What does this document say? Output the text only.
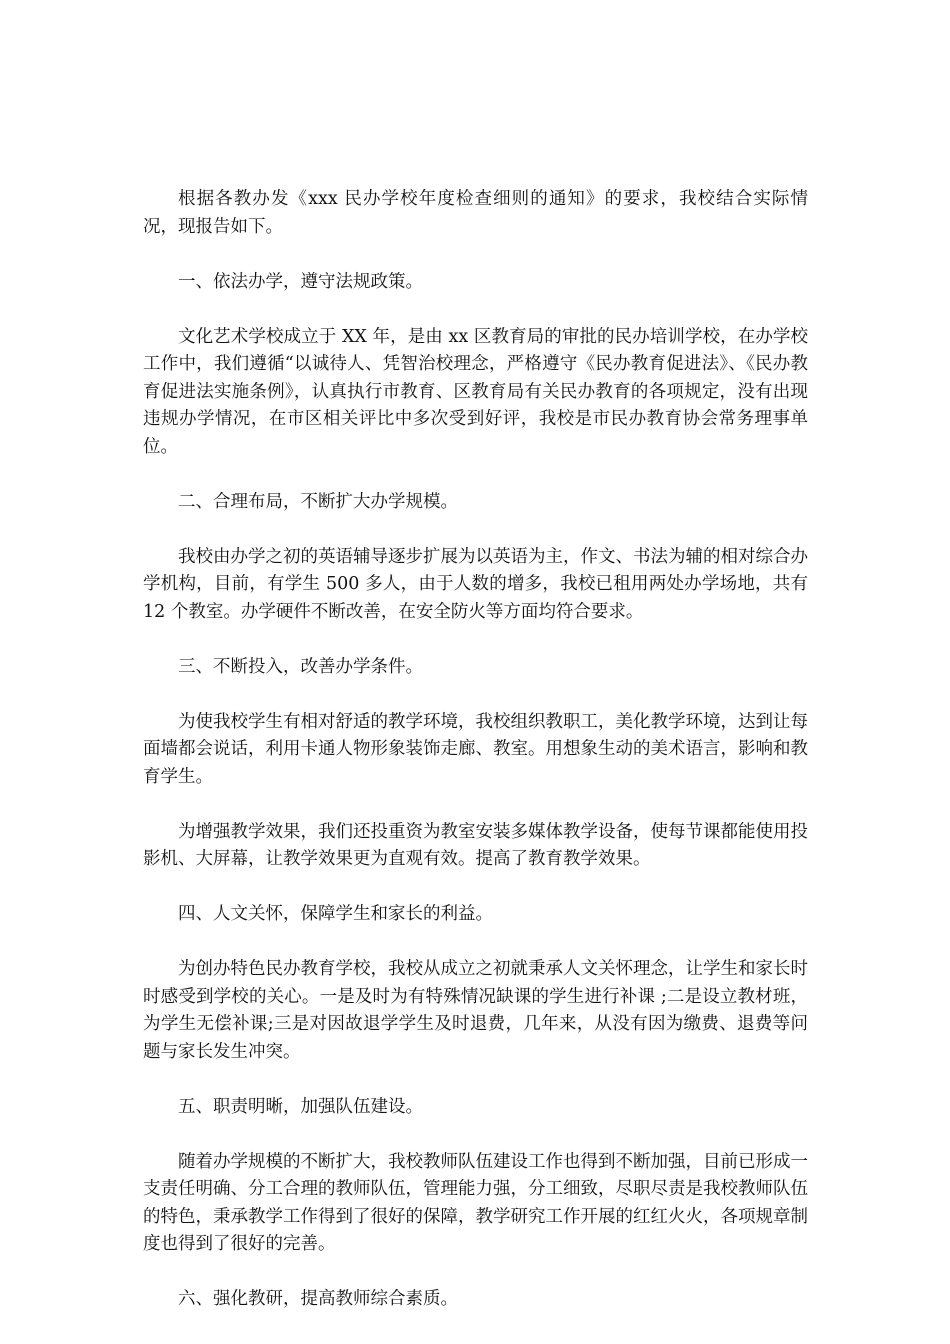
根据各教办发《xxx 民办学校年度检查细则的通知》的要求，我校结合实际情况，现报告如下。

一、依法办学，遵守法规政策。

文化艺术学校成立于 XX 年，是由 xx 区教育局的审批的民办培训学校，在办学校工作中，我们遵循“以诚待人、凭智治校理念，严格遵守《民办教育促进法》、《民办教育促进法实施条例》，认真执行市教育、区教育局有关民办教育的各项规定，没有出现违规办学情况，在市区相关评比中多次受到好评，我校是市民办教育协会常务理事单位。

二、合理布局，不断扩大办学规模。

我校由办学之初的英语辅导逐步扩展为以英语为主，作文、书法为辅的相对综合办学机构，目前，有学生 500 多人，由于人数的增多，我校已租用两处办学场地，共有 12 个教室。办学硬件不断改善，在安全防火等方面均符合要求。

三、不断投入，改善办学条件。

为使我校学生有相对舒适的教学环境，我校组织教职工，美化教学环境，达到让每面墙都会说话，利用卡通人物形象装饰走廊、教室。用想象生动的美术语言，影响和教育学生。

为增强教学效果，我们还投重资为教室安装多媒体教学设备，使每节课都能使用投影机、大屏幕，让教学效果更为直观有效。提高了教育教学效果。

四、人文关怀，保障学生和家长的利益。

为创办特色民办教育学校，我校从成立之初就秉承人文关怀理念，让学生和家长时时感受到学校的关心。一是及时为有特殊情况缺课的学生进行补课 ;二是设立教材班，为学生无偿补课;三是对因故退学学生及时退费，几年来，从没有因为缴费、退费等问题与家长发生冲突。

五、职责明晰，加强队伍建设。

随着办学规模的不断扩大，我校教师队伍建设工作也得到不断加强，目前已形成一支责任明确、分工合理的教师队伍，管理能力强，分工细致，尽职尽责是我校教师队伍的特色，秉承教学工作得到了很好的保障，教学研究工作开展的红红火火，各项规章制度也得到了很好的完善。

六、强化教研，提高教师综合素质。
